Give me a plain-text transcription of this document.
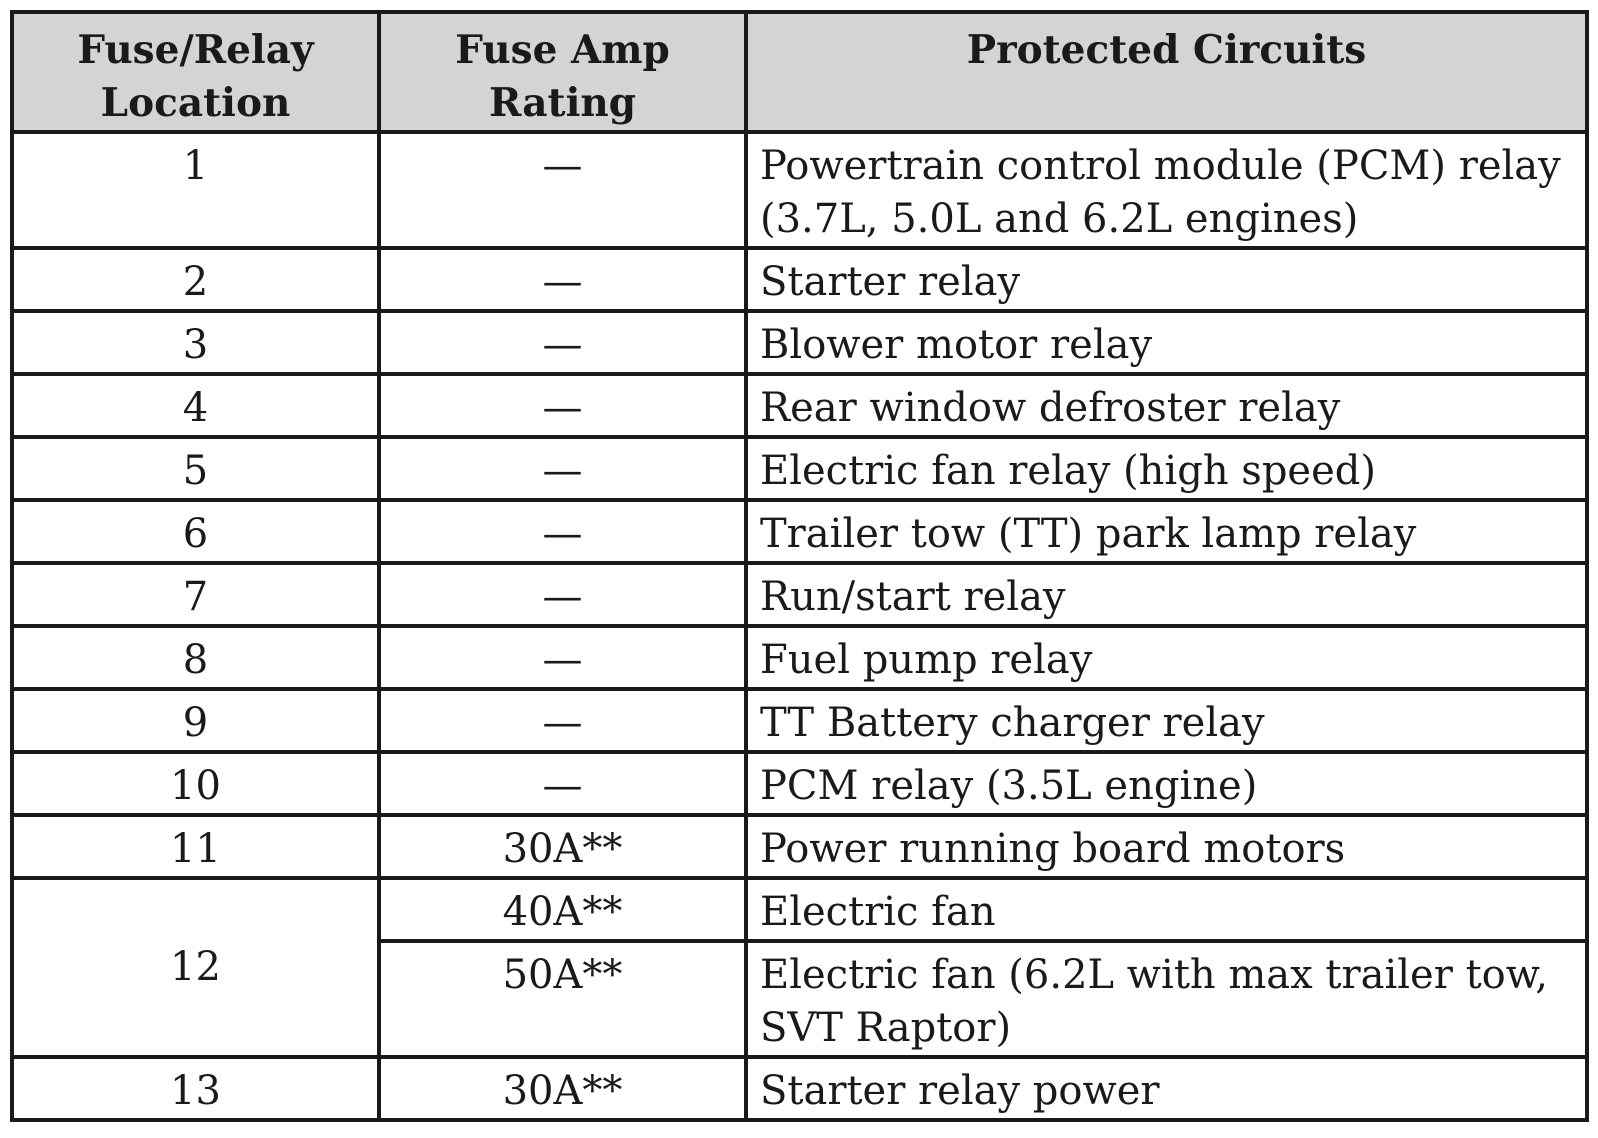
Fuse/Relay Location	Fuse Amp Rating	Protected Circuits
1	—	Powertrain control module (PCM) relay (3.7L, 5.0L and 6.2L engines)
2	—	Starter relay
3	—	Blower motor relay
4	—	Rear window defroster relay
5	—	Electric fan relay (high speed)
6	—	Trailer tow (TT) park lamp relay
7	—	Run/start relay
8	—	Fuel pump relay
9	—	TT Battery charger relay
10	—	PCM relay (3.5L engine)
11	30A**	Power running board motors
12	40A**	Electric fan
	50A**	Electric fan (6.2L with max trailer tow, SVT Raptor)
13	30A**	Starter relay power
